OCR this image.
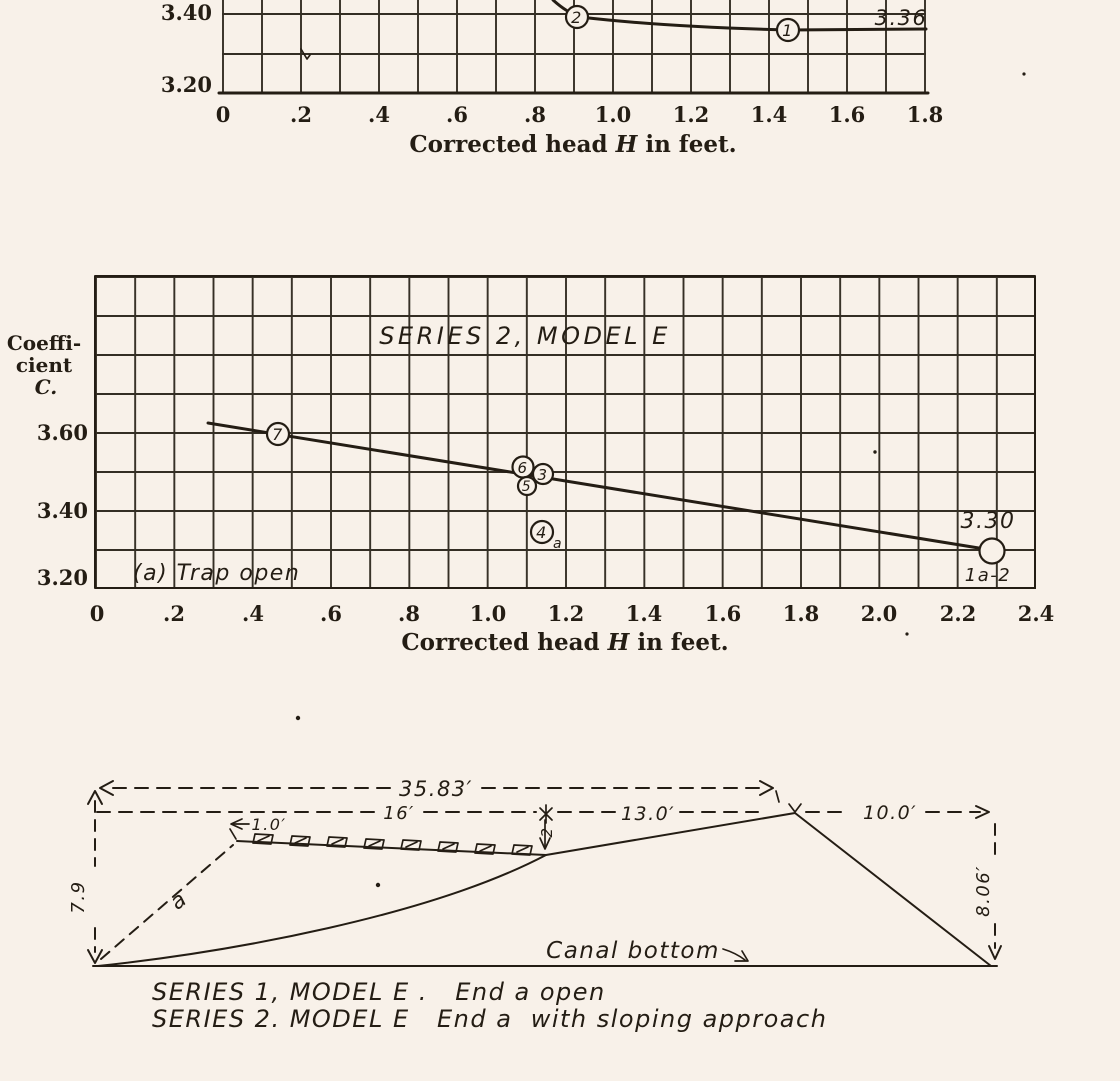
2
1
3.36
3.40
3.20
0	.2	.4	.6	.8 1.0 1.2 1.4 1.6 1.8
Corrected head H in feet.
SERIES 2, MODEL E
Coeffi-
cient
C.
7
6 3
5
4
a
3.30
1a-2
(a) Trap open
3.60
3.40
3.20
0	.2	.4	.6	.8 1.0 1.2 1.4 1.6 1.8 2.0 2.2 2.4
Corrected head H in feet.
35.83′
16′	13.0′	10.0′
7.9	8.06′
2
1.0′
a
Canal bottom
SERIES 1, MODEL E .   End a open
SERIES 2. MODEL E   End a  with sloping approach
